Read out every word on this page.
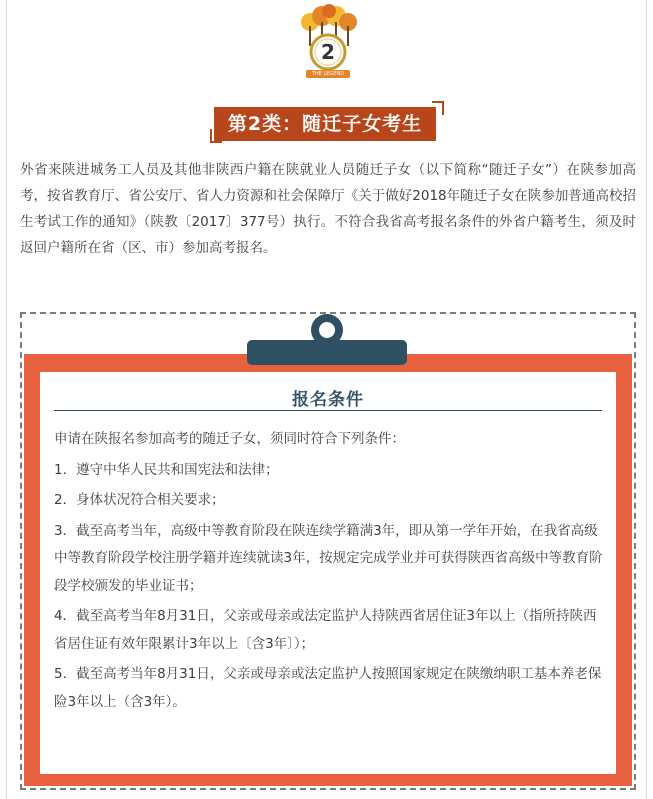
2
THE LEGEND
第2类：随迁子女考生
外省来陕进城务工人员及其他非陕西户籍在陕就业人员随迁子女（以下简称“随迁子女”）在陕参加高考，按省教育厅、省公安厅、省人力资源和社会保障厅《关于做好2018年随迁子女在陕参加普通高校招生考试工作的通知》（陕教〔2017〕377号）执行。不符合我省高考报名条件的外省户籍考生，须及时返回户籍所在省（区、市）参加高考报名。
报名条件

申请在陕报名参加高考的随迁子女，须同时符合下列条件：

1．遵守中华人民共和国宪法和法律；

2．身体状况符合相关要求；

3．截至高考当年，高级中等教育阶段在陕连续学籍满3年，即从第一学年开始，在我省高级中等教育阶段学校注册学籍并连续就读3年，按规定完成学业并可获得陕西省高级中等教育阶段学校颁发的毕业证书；

4．截至高考当年8月31日，父亲或母亲或法定监护人持陕西省居住证3年以上（指所持陕西省居住证有效年限累计3年以上〔含3年〕）；

5．截至高考当年8月31日，父亲或母亲或法定监护人按照国家规定在陕缴纳职工基本养老保险3年以上（含3年）。
